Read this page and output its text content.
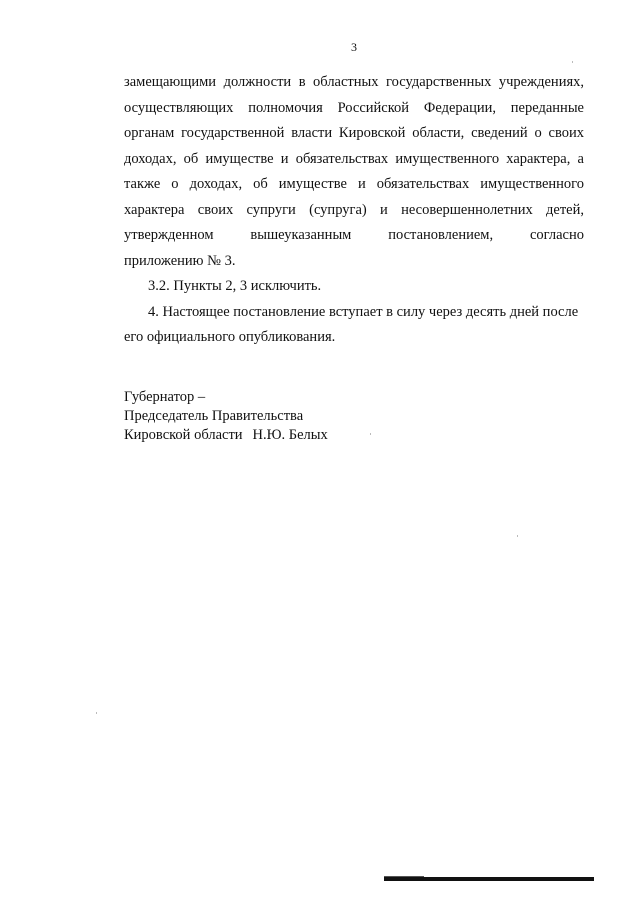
3
замещающими должности в областных государственных учреждениях,
осуществляющих полномочия Российской Федерации, переданные
органам государственной власти Кировской области, сведений о своих
доходах, об имуществе и обязательствах имущественного характера, а
также о доходах, об имуществе и обязательствах имущественного
характера своих супруги (супруга) и несовершеннолетних детей,
утвержденном вышеуказанным постановлением, согласно
приложению № 3.
3.2. Пункты 2, 3 исключить.
4. Настоящее постановление вступает в силу через десять дней после
его официального опубликования.
Губернатор –
Председатель Правительства
Кировской области Н.Ю. Белых
